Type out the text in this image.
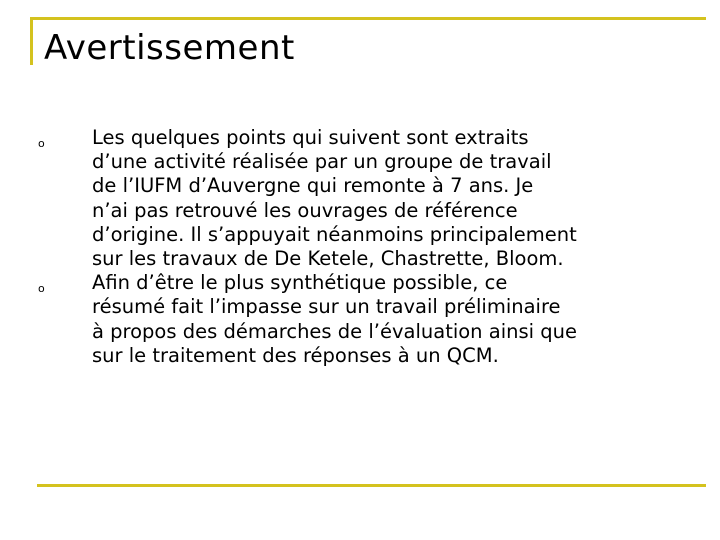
Avertissement
o	Les quelques points qui suivent sont extraits
d’une activité réalisée par un groupe de travail
de l’IUFM d’Auvergne qui remonte à 7 ans. Je
n’ai pas retrouvé les ouvrages de référence
d’origine. Il s’appuyait néanmoins principalement
sur les travaux de De Ketele, Chastrette, Bloom.
o	Afin d’être le plus synthétique possible, ce
résumé fait l’impasse sur un travail préliminaire
à propos des démarches de l’évaluation ainsi que
sur le traitement des réponses à un QCM.
